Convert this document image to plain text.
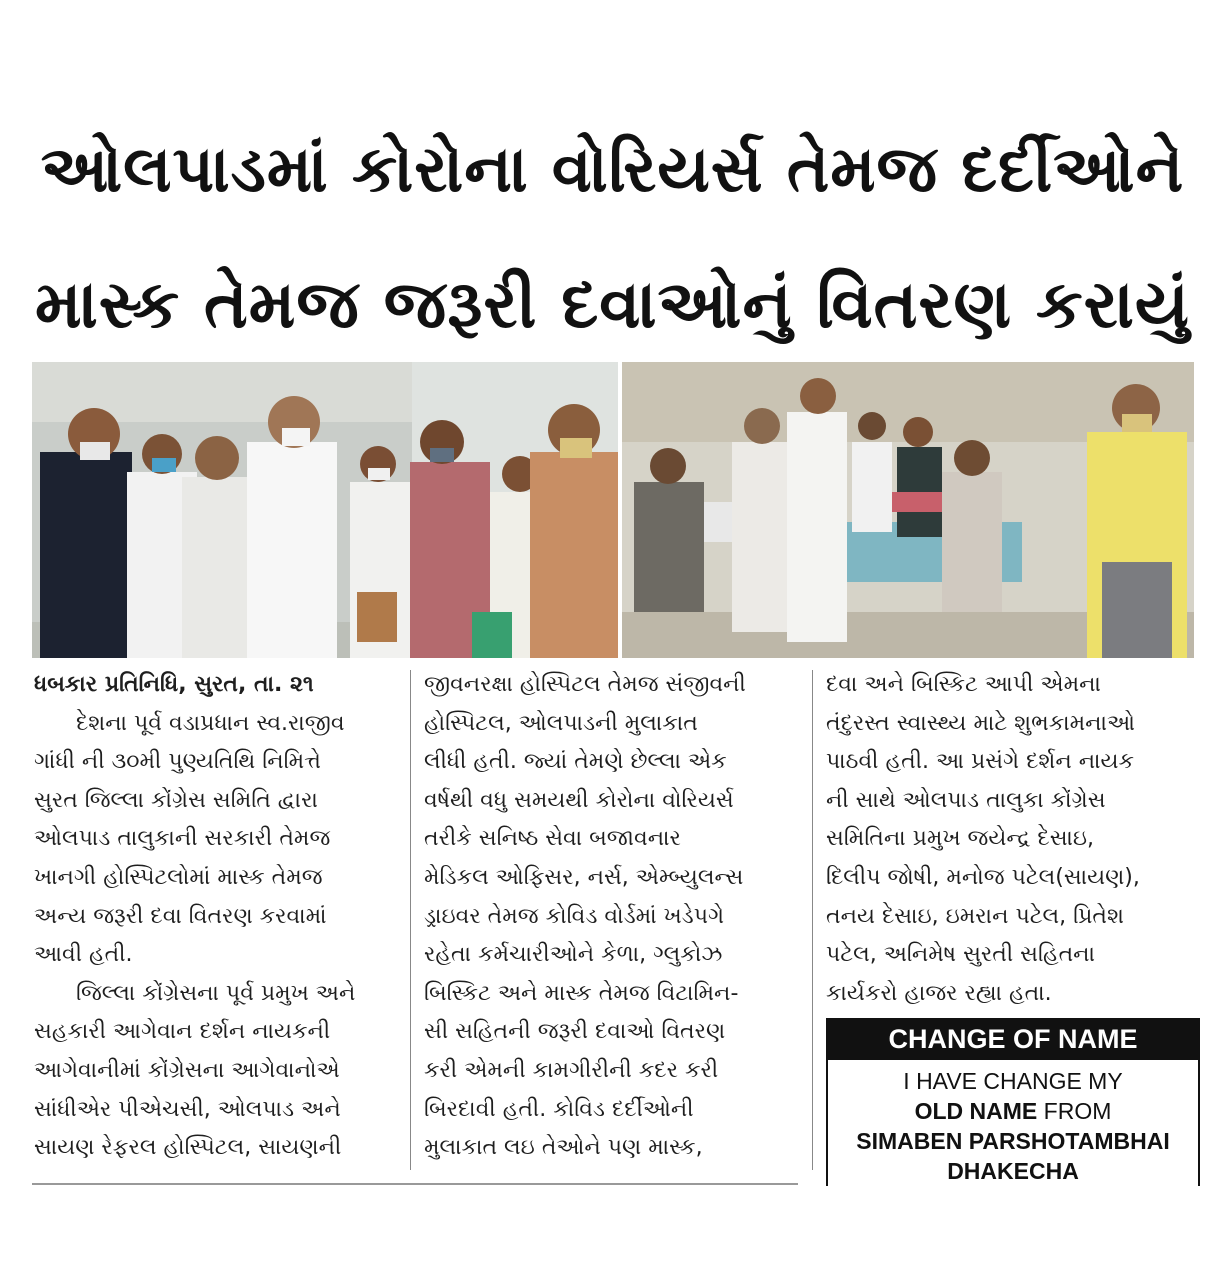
ઓલપાડમાં કોરોના વોરિયર્સ તેમજ દર્દીઓને
માસ્ક તેમજ જરૂરી દવાઓનું વિતરણ કરાયું
ધબકાર પ્રતિનિધિ, સુરત, તા. ૨૧
દેશના પૂર્વ વડાપ્રધાન સ્વ.રાજીવ
ગાંધી ની ૩૦મી પુણ્યતિથિ નિમિત્તે
સુરત જિલ્લા કોંગ્રેસ સમિતિ દ્વારા
ઓલપાડ તાલુકાની સરકારી તેમજ
ખાનગી હોસ્પિટલોમાં માસ્ક તેમજ
અન્ય જરૂરી દવા વિતરણ કરવામાં
આવી હતી.
જિલ્લા કોંગ્રેસના પૂર્વ પ્રમુખ અને
સહકારી આગેવાન દર્શન નાયકની
આગેવાનીમાં કોંગ્રેસના આગેવાનોએ
સાંધીએર પીએચસી, ઓલપાડ અને
સાયણ રેફરલ હોસ્પિટલ, સાયણની
જીવનરક્ષા હોસ્પિટલ તેમજ સંજીવની
હોસ્પિટલ, ઓલપાડની મુલાકાત
લીધી હતી. જ્યાં તેમણે છેલ્લા એક
વર્ષથી વધુ સમયથી કોરોના વોરિયર્સ
તરીકે સનિષ્ઠ સેવા બજાવનાર
મેડિકલ ઓફિસર, નર્સ, એમ્બ્યુલન્સ
ડ્રાઇવર તેમજ કોવિડ વોર્ડમાં ખડેપગે
રહેતા કર્મચારીઓને કેળા, ગ્લુકોઝ
બિસ્કિટ અને માસ્ક તેમજ વિટામિન-
સી સહિતની જરૂરી દવાઓ વિતરણ
કરી એમની કામગીરીની કદર કરી
બિરદાવી હતી. કોવિડ દર્દીઓની
મુલાકાત લઇ તેઓને પણ માસ્ક,
દવા અને બિસ્કિટ આપી એમના
તંદુરસ્ત સ્વાસ્થ્ય માટે શુભકામનાઓ
પાઠવી હતી. આ પ્રસંગે દર્શન નાયક
ની સાથે ઓલપાડ તાલુકા કોંગ્રેસ
સમિતિના પ્રમુખ જયેન્દ્ર દેસાઇ,
દિલીપ જોષી, મનોજ પટેલ(સાયણ),
તનય દેસાઇ, ઇમરાન પટેલ, પ્રિતેશ
પટેલ, અનિમેષ સુરતી સહિતના
કાર્યકરો હાજર રહ્યા હતા.
CHANGE OF NAME
I HAVE CHANGE MY
OLD NAME FROM
SIMABEN PARSHOTAMBHAI
DHAKECHA
